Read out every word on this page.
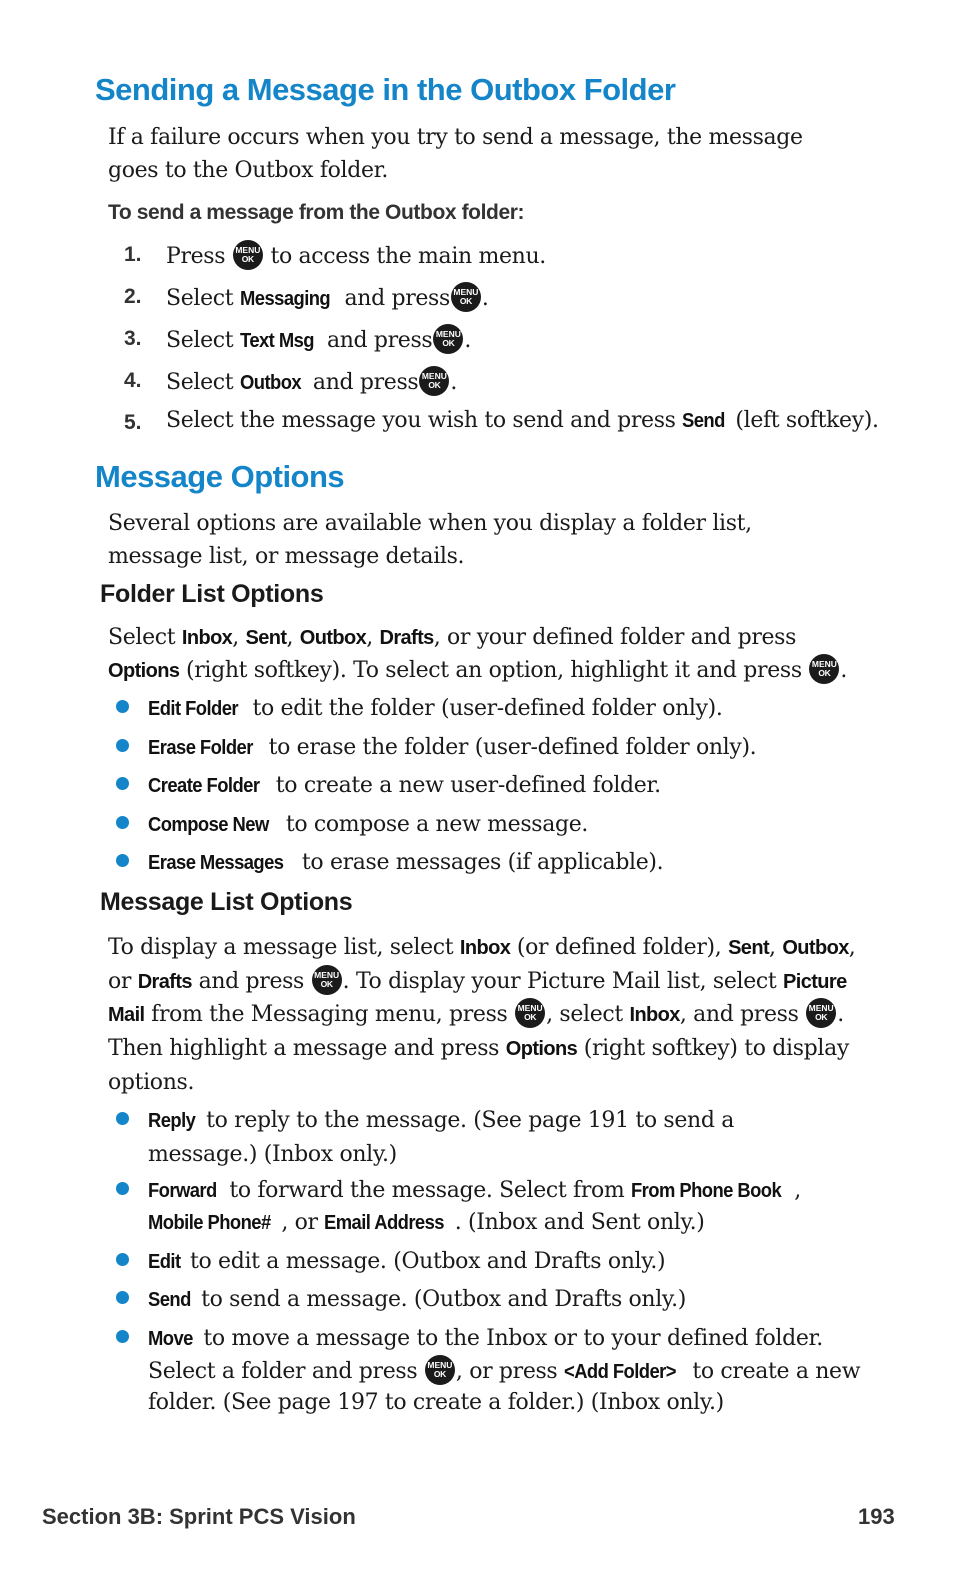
Sending a Message in the Outbox Folder

If a failure occurs when you try to send a message, the message goes to the Outbox folder.

To send a message from the Outbox folder:

1. Press MENU OK to access the main menu.
2. Select Messaging and press MENU OK .
3. Select Text Msg and press MENU OK .
4. Select Outbox and press MENU OK .
5. Select the message you wish to send and press Send (left softkey).
Message Options

Several options are available when you display a folder list, message list, or message details.

Folder List Options
Select Inbox, Sent, Outbox, Drafts, or your defined folder and press
Options (right softkey). To select an option, highlight it and press MENU OK .
Edit Folder to edit the folder (user-defined folder only).
Erase Folder to erase the folder (user-defined folder only).
Create Folder to create a new user-defined folder.
Compose New to compose a new message.
Erase Messages to erase messages (if applicable).
Message List Options
To display a message list, select Inbox (or defined folder), Sent, Outbox,
or Drafts and press MENU OK . To display your Picture Mail list, select Picture
Mail from the Messaging menu, press MENU OK , select Inbox, and press MENU OK .
Then highlight a message and press Options (right softkey) to display
options.
Reply to reply to the message. (See page 191 to send a message.) (Inbox only.)
Forward to forward the message. Select from From Phone Book ,
Mobile Phone# , or Email Address . (Inbox and Sent only.)
Edit to edit a message. (Outbox and Drafts only.)
Send to send a message. (Outbox and Drafts only.)
Move to move a message to the Inbox or to your defined folder.
Select a folder and press MENU OK , or press <Add Folder> to create a new
folder. (See page 197 to create a folder.) (Inbox only.)
Section 3B: Sprint PCS Vision	193
